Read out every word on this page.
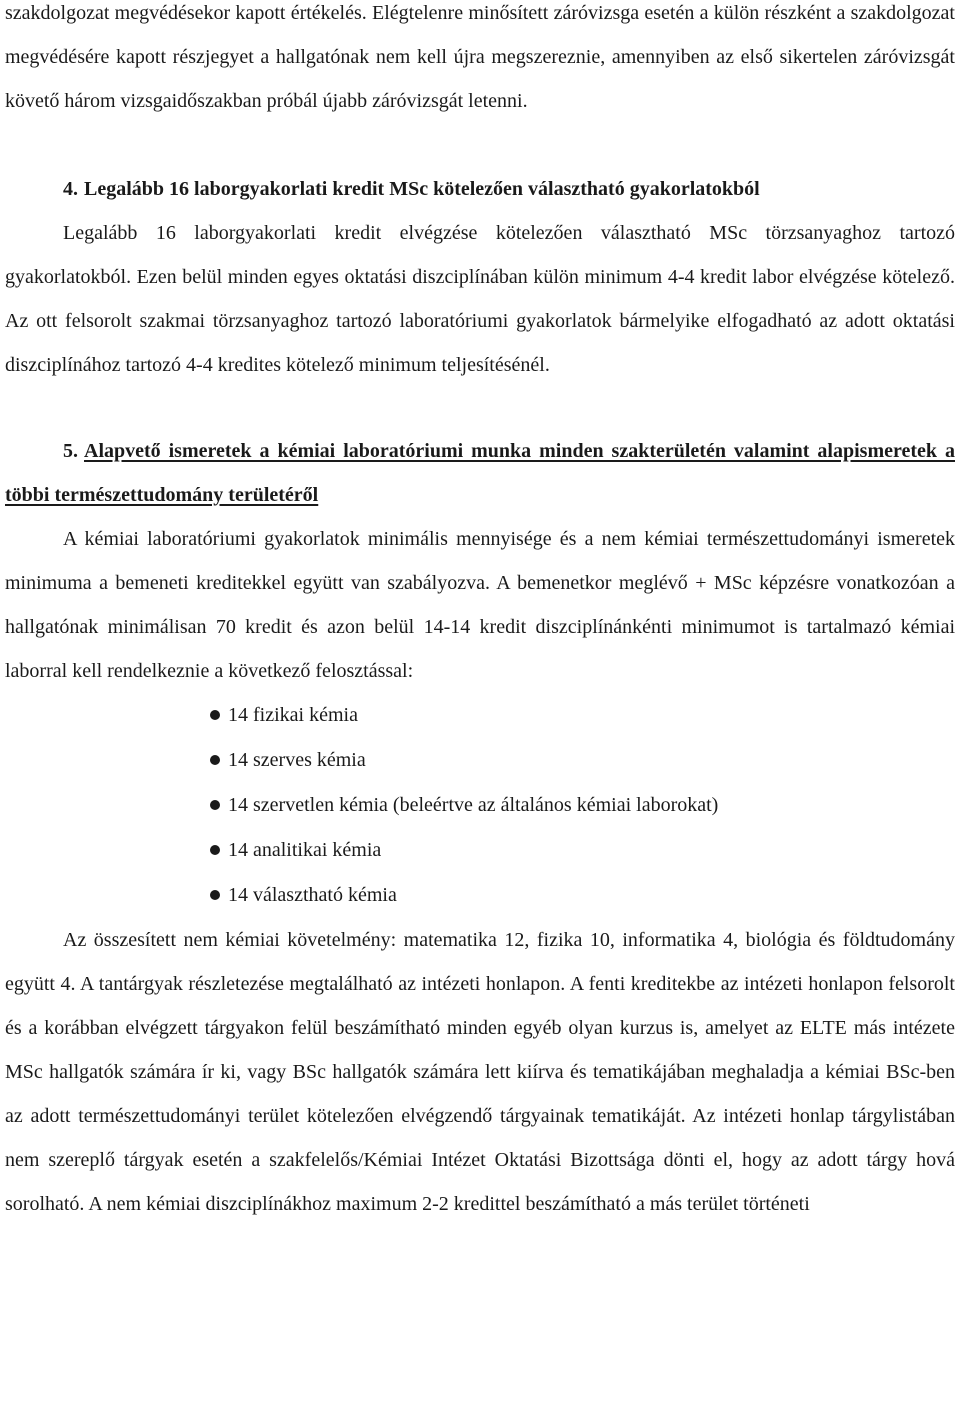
szakdolgozat megvédésekor kapott értékelés. Elégtelenre minősített záróvizsga esetén a külön részként a szakdolgozat megvédésére kapott részjegyet a hallgatónak nem kell újra megszereznie, amennyiben az első sikertelen záróvizsgát követő három vizsgaidőszakban próbál újabb záróvizsgát letenni.

4. Legalább 16 laborgyakorlati kredit MSc kötelezően választható gyakorlatokból

Legalább 16 laborgyakorlati kredit elvégzése kötelezően választható MSc törzsanyaghoz tartozó gyakorlatokból. Ezen belül minden egyes oktatási diszciplínában külön minimum 4-4 kredit labor elvégzése kötelező. Az ott felsorolt szakmai törzsanyaghoz tartozó laboratóriumi gyakorlatok bármelyike elfogadható az adott oktatási diszciplínához tartozó 4-4 kredites kötelező minimum teljesítésénél.

5. Alapvető ismeretek a kémiai laboratóriumi munka minden szakterületén valamint alapismeretek a többi természettudomány területéről

A kémiai laboratóriumi gyakorlatok minimális mennyisége és a nem kémiai természettudományi ismeretek minimuma a bemeneti kreditekkel együtt van szabályozva. A bemenetkor meglévő + MSc képzésre vonatkozóan a hallgatónak minimálisan 70 kredit és azon belül 14-14 kredit diszciplínánkénti minimumot is tartalmazó kémiai laborral kell rendelkeznie a következő felosztással:

14 fizikai kémia
14 szerves kémia
14 szervetlen kémia (beleértve az általános kémiai laborokat)
14 analitikai kémia
14 választható kémia

Az összesített nem kémiai követelmény: matematika 12, fizika 10, informatika 4, biológia és földtudomány együtt 4. A tantárgyak részletezése megtalálható az intézeti honlapon. A fenti kreditekbe az intézeti honlapon felsorolt és a korábban elvégzett tárgyakon felül beszámítható minden egyéb olyan kurzus is, amelyet az ELTE más intézete MSc hallgatók számára ír ki, vagy BSc hallgatók számára lett kiírva és tematikájában meghaladja a kémiai BSc-ben az adott természettudományi terület kötelezően elvégzendő tárgyainak tematikáját. Az intézeti honlap tárgylistában nem szereplő tárgyak esetén a szakfelelős/Kémiai Intézet Oktatási Bizottsága dönti el, hogy az adott tárgy hová sorolható. A nem kémiai diszciplínákhoz maximum 2-2 kredittel beszámítható a más terület történeti
